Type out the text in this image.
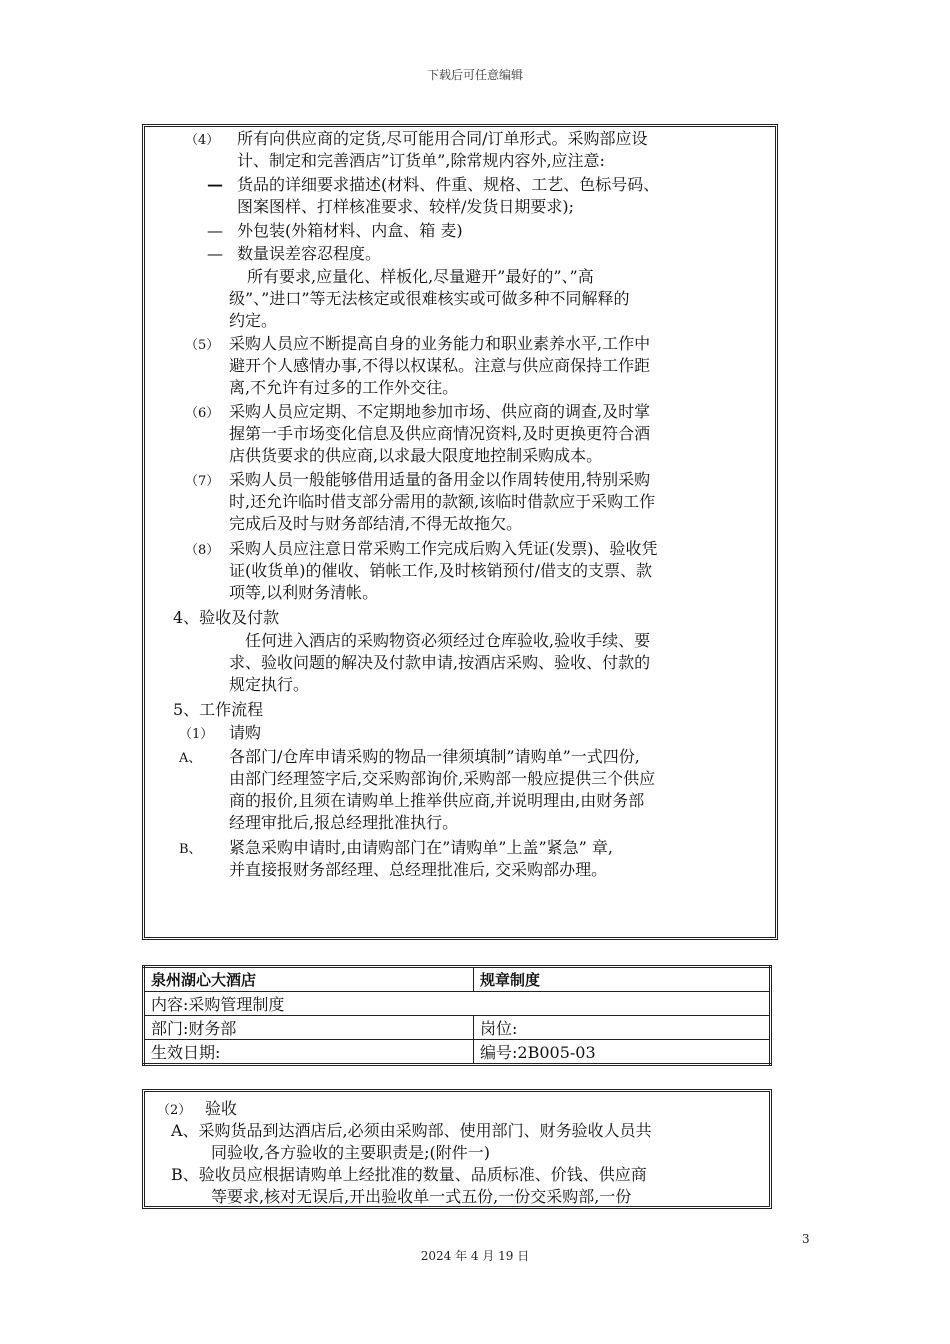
下载后可任意编辑
（4） 所有向供应商的定货,尽可能用合同/订单形式。采购部应设
计、制定和完善酒店”订货单”,除常规内容外,应注意:
— 货品的详细要求描述(材料、件重、规格、工艺、色标号码、
图案图样、打样核准要求、较样/发货日期要求);
— 外包装(外箱材料、内盒、箱 麦)
— 数量误差容忍程度。
所有要求,应量化、样板化,尽量避开”最好的”、”高
级”、”进口”等无法核定或很难核实或可做多种不同解释的
约定。
（5） 采购人员应不断提高自身的业务能力和职业素养水平,工作中
避开个人感情办事,不得以权谋私。注意与供应商保持工作距
离,不允许有过多的工作外交往。
（6） 采购人员应定期、不定期地参加市场、供应商的调查,及时掌
握第一手市场变化信息及供应商情况资料,及时更换更符合酒
店供货要求的供应商,以求最大限度地控制采购成本。
（7） 采购人员一般能够借用适量的备用金以作周转使用,特别采购
时,还允许临时借支部分需用的款额,该临时借款应于采购工作
完成后及时与财务部结清,不得无故拖欠。
（8） 采购人员应注意日常采购工作完成后购入凭证(发票)、验收凭
证(收货单)的催收、销帐工作,及时核销预付/借支的支票、款
项等,以利财务清帐。
4、验收及付款
任何进入酒店的采购物资必须经过仓库验收,验收手续、要
求、验收问题的解决及付款申请,按酒店采购、验收、付款的
规定执行。
5、工作流程
（1） 请购
A、 各部门/仓库申请采购的物品一律须填制”请购单”一式四份,
由部门经理签字后,交采购部询价,采购部一般应提供三个供应
商的报价,且须在请购单上推举供应商,并说明理由,由财务部
经理审批后,报总经理批准执行。
B、 紧急采购申请时,由请购部门在”请购单”上盖”紧急” 章,
并直接报财务部经理、总经理批准后, 交采购部办理。
泉州湖心大酒店	规章制度
内容:采购管理制度	
部门:财务部	岗位:
生效日期:	编号:2B005-03
（2） 验收
A、采购货品到达酒店后,必须由采购部、使用部门、财务验收人员共
同验收,各方验收的主要职责是;(附件一)
B、验收员应根据请购单上经批准的数量、品质标准、价钱、供应商
等要求,核对无误后,开出验收单一式五份,一份交采购部,一份
3
2024 年 4 月 19 日
